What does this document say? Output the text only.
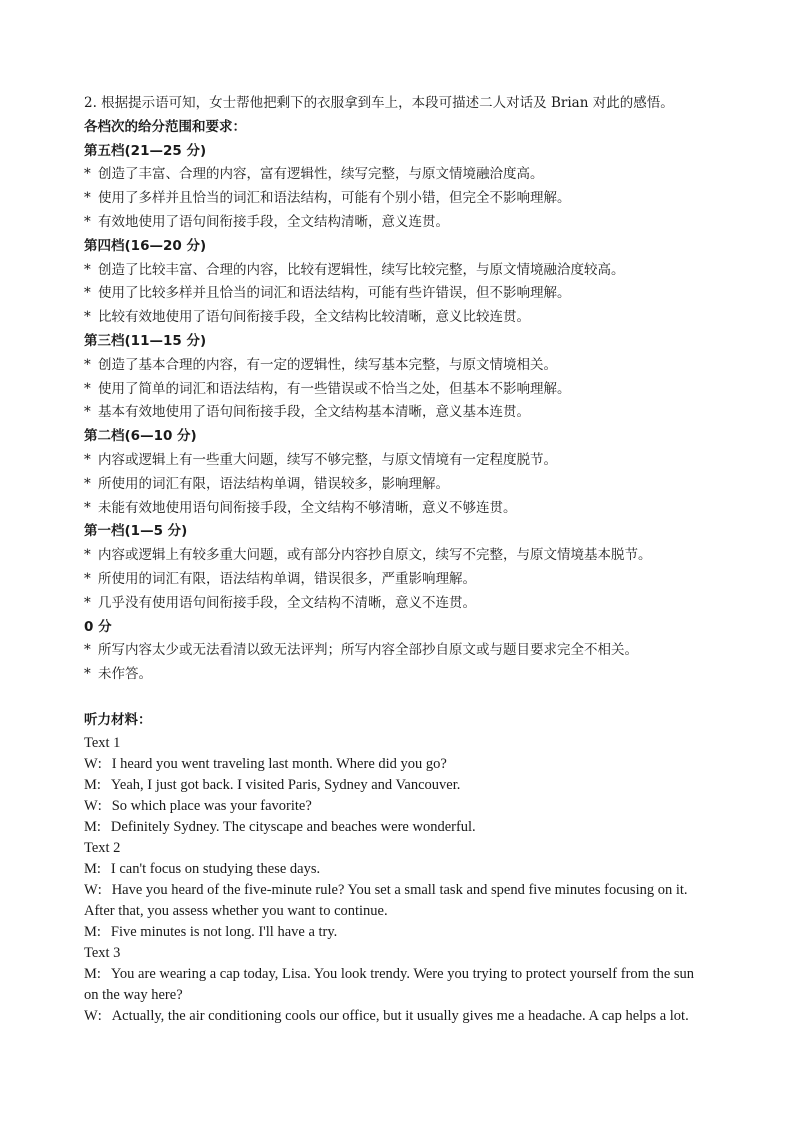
2. 根据提示语可知，女士帮他把剩下的衣服拿到车上，本段可描述二人对话及 Brian 对此的感悟。
各档次的给分范围和要求：
第五档(21—25 分)
* 创造了丰富、合理的内容，富有逻辑性，续写完整，与原文情境融洽度高。
* 使用了多样并且恰当的词汇和语法结构，可能有个别小错，但完全不影响理解。
* 有效地使用了语句间衔接手段，全文结构清晰，意义连贯。
第四档(16—20 分)
* 创造了比较丰富、合理的内容，比较有逻辑性，续写比较完整，与原文情境融洽度较高。
* 使用了比较多样并且恰当的词汇和语法结构，可能有些许错误，但不影响理解。
* 比较有效地使用了语句间衔接手段，全文结构比较清晰，意义比较连贯。
第三档(11—15 分)
* 创造了基本合理的内容，有一定的逻辑性，续写基本完整，与原文情境相关。
* 使用了简单的词汇和语法结构，有一些错误或不恰当之处，但基本不影响理解。
* 基本有效地使用了语句间衔接手段，全文结构基本清晰，意义基本连贯。
第二档(6—10 分)
* 内容或逻辑上有一些重大问题，续写不够完整，与原文情境有一定程度脱节。
* 所使用的词汇有限，语法结构单调，错误较多，影响理解。
* 未能有效地使用语句间衔接手段，全文结构不够清晰，意义不够连贯。
第一档(1—5 分)
* 内容或逻辑上有较多重大问题，或有部分内容抄自原文，续写不完整，与原文情境基本脱节。
* 所使用的词汇有限，语法结构单调，错误很多，严重影响理解。
* 几乎没有使用语句间衔接手段，全文结构不清晰，意义不连贯。
0 分
* 所写内容太少或无法看清以致无法评判；所写内容全部抄自原文或与题目要求完全不相关。
* 未作答。
听力材料：
Text 1
W: I heard you went traveling last month. Where did you go?
M: Yeah, I just got back. I visited Paris, Sydney and Vancouver.
W: So which place was your favorite?
M: Definitely Sydney. The cityscape and beaches were wonderful.
Text 2
M: I can't focus on studying these days.
W: Have you heard of the five-minute rule? You set a small task and spend five minutes focusing on it.
After that, you assess whether you want to continue.
M: Five minutes is not long. I'll have a try.
Text 3
M: You are wearing a cap today, Lisa. You look trendy. Were you trying to protect yourself from the sun
on the way here?
W: Actually, the air conditioning cools our office, but it usually gives me a headache. A cap helps a lot.
